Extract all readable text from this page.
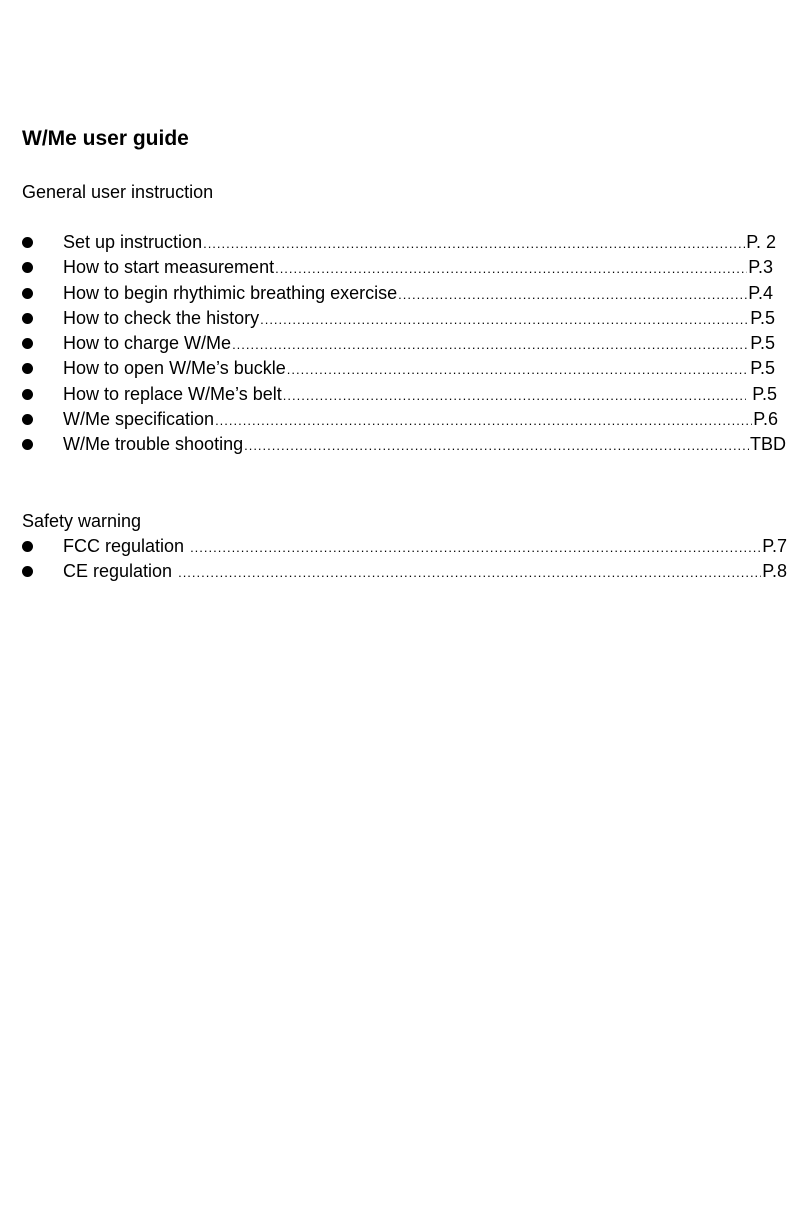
W/Me user guide
General user instruction
Set up instruction .....	P. 2
How to start measurement .....	P.3
How to begin rhythimic breathing exercise .....	P.4
How to check the history .....	P.5
How to charge W/Me .....	P.5
How to open W/Me’s buckle .....	P.5
How to replace W/Me’s belt .....	P.5
W/Me specification .....	P.6
W/Me trouble shooting .....	TBD
Safety warning
FCC regulation .....	P.7
CE regulation .....	P.8
